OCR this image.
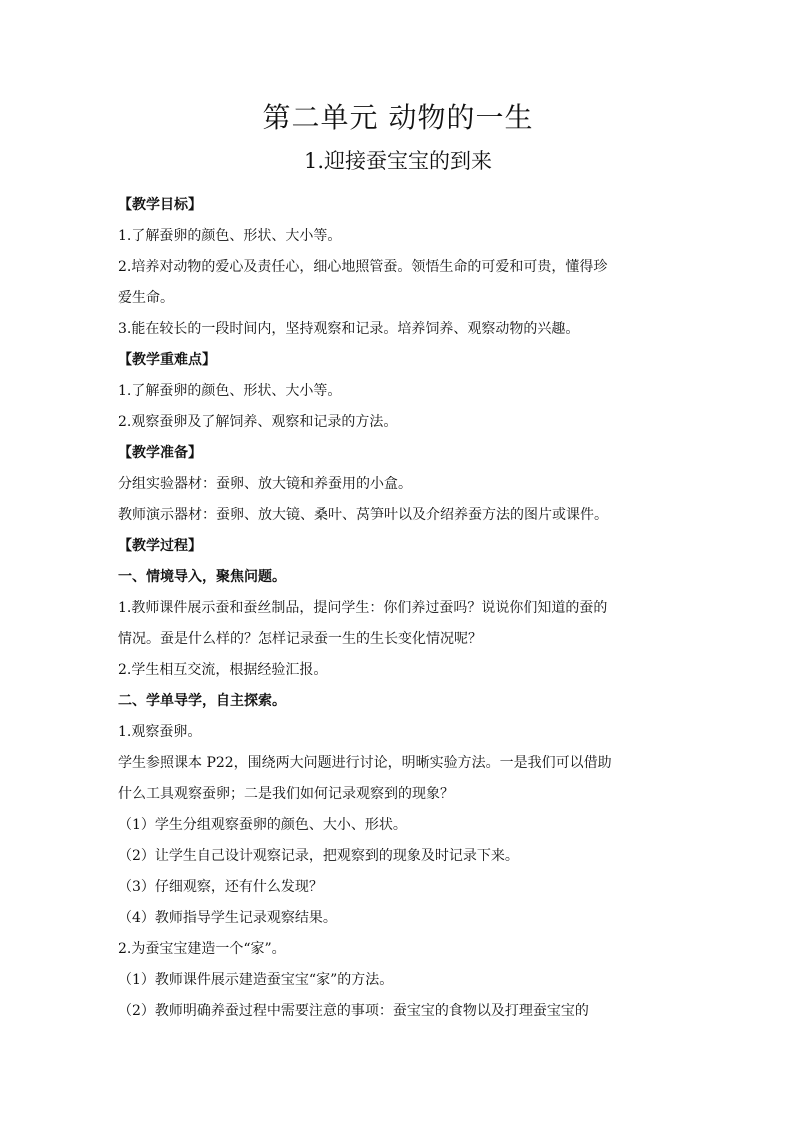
第二单元 动物的一生
1.迎接蚕宝宝的到来

【教学目标】

1.了解蚕卵的颜色、形状、大小等。

2.培养对动物的爱心及责任心，细心地照管蚕。领悟生命的可爱和可贵，懂得珍

爱生命。

3.能在较长的一段时间内，坚持观察和记录。培养饲养、观察动物的兴趣。

【教学重难点】

1.了解蚕卵的颜色、形状、大小等。

2.观察蚕卵及了解饲养、观察和记录的方法。

【教学准备】

分组实验器材：蚕卵、放大镜和养蚕用的小盒。

教师演示器材：蚕卵、放大镜、桑叶、莴笋叶以及介绍养蚕方法的图片或课件。

【教学过程】

一、情境导入，聚焦问题。

1.教师课件展示蚕和蚕丝制品，提问学生：你们养过蚕吗？说说你们知道的蚕的

情况。蚕是什么样的？怎样记录蚕一生的生长变化情况呢？

2.学生相互交流，根据经验汇报。

二、学单导学，自主探索。

1.观察蚕卵。

学生参照课本 P22，围绕两大问题进行讨论，明晰实验方法。一是我们可以借助

什么工具观察蚕卵；二是我们如何记录观察到的现象？

（1）学生分组观察蚕卵的颜色、大小、形状。

（2）让学生自己设计观察记录，把观察到的现象及时记录下来。

（3）仔细观察，还有什么发现？

（4）教师指导学生记录观察结果。

2.为蚕宝宝建造一个“家”。

（1）教师课件展示建造蚕宝宝“家”的方法。

（2）教师明确养蚕过程中需要注意的事项：蚕宝宝的食物以及打理蚕宝宝的
